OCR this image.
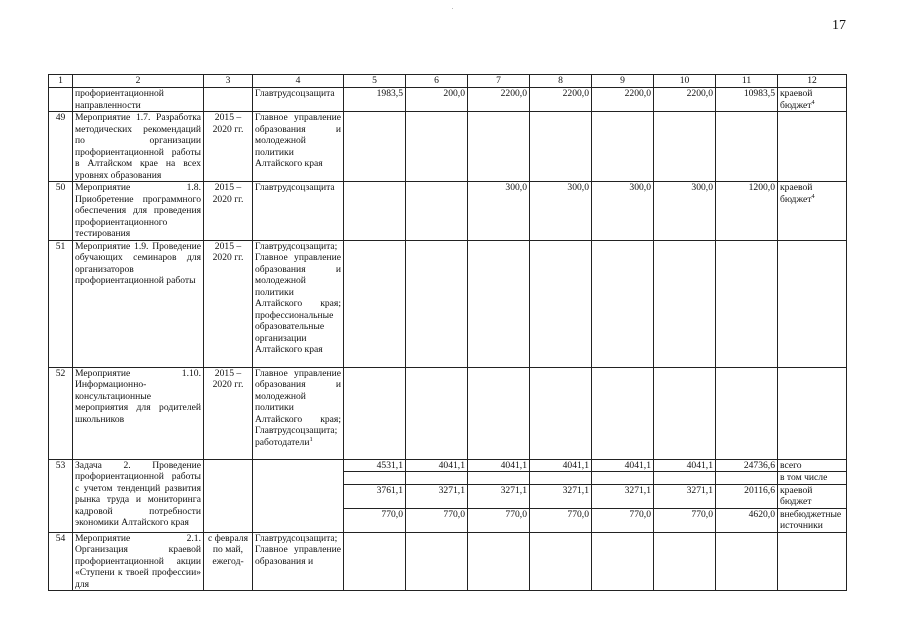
17
1	2	3	4	5	6	7	8	9	10	11	12
	профориентационной направленности		Главтрудсоцзащита	1983,5	200,0	2200,0	2200,0	2200,0	2200,0	10983,5	краевой бюджет$^4$
49	Мероприятие 1.7. Разработка методических рекомендаций по организации профориентационной работы в Алтайском крае на всех уровнях образования	2015 – 2020 гг.	Главное управление образования и молодежной политики Алтайского края								
50	Мероприятие 1.8. Приобретение программного обеспечения для проведения профориентационного тестирования	2015 – 2020 гг.	Главтрудсоцзащита			300,0	300,0	300,0	300,0	1200,0	краевой бюджет$^4$
51	Мероприятие 1.9. Проведение обучающих семинаров для организаторов профориентационной работы	2015 – 2020 гг.	Главтрудсоцзащита; Главное управление образования и молодежной политики Алтайского края; профессиональные образовательные организации Алтайского края								
52	Мероприятие 1.10. Информационно-консультационные мероприятия для родителей школьников	2015 – 2020 гг.	Главное управление образования и молодежной политики Алтайского края; Главтрудсоцзащита; работодатели$^1$								
53	Задача 2. Проведение профориентационной работы с учетом тенденций развития рынка труда и мониторинга кадровой потребности экономики Алтайского края			4531,1	4041,1	4041,1	4041,1	4041,1	4041,1	24736,6	всего
											в том числе
				3761,1	3271,1	3271,1	3271,1	3271,1	3271,1	20116,6	краевой бюджет
				770,0	770,0	770,0	770,0	770,0	770,0	4620,0	внебюджетные источники
54	Мероприятие 2.1. Организация краевой профориентационной акции «Ступени к твоей профессии» для	с февраля по май, ежегод-	Главтрудсоцзащита; Главное управление образования и								
